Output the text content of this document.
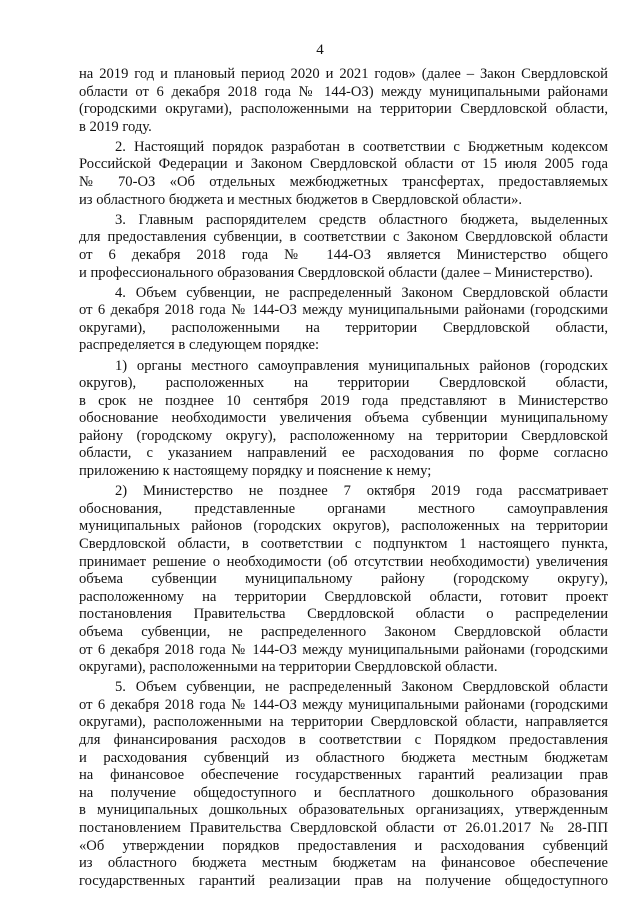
4
на 2019 год и плановый период 2020 и 2021 годов» (далее – Закон Свердловской
области от 6 декабря 2018 года № 144-ОЗ) между муниципальными районами
(городскими округами), расположенными на территории Свердловской области,
в 2019 году.
2. Настоящий порядок разработан в соответствии с Бюджетным кодексом
Российской Федерации и Законом Свердловской области от 15 июля 2005 года
№ 70-ОЗ «Об отдельных межбюджетных трансфертах, предоставляемых
из областного бюджета и местных бюджетов в Свердловской области».
3. Главным распорядителем средств областного бюджета, выделенных
для предоставления субвенции, в соответствии с Законом Свердловской области
от 6 декабря 2018 года № 144-ОЗ является Министерство общего
и профессионального образования Свердловской области (далее – Министерство).
4. Объем субвенции, не распределенный Законом Свердловской области
от 6 декабря 2018 года № 144-ОЗ между муниципальными районами (городскими
округами), расположенными на территории Свердловской области,
распределяется в следующем порядке:
1) органы местного самоуправления муниципальных районов (городских
округов), расположенных на территории Свердловской области,
в срок не позднее 10 сентября 2019 года представляют в Министерство
обоснование необходимости увеличения объема субвенции муниципальному
району (городскому округу), расположенному на территории Свердловской
области, с указанием направлений ее расходования по форме согласно
приложению к настоящему порядку и пояснение к нему;
2) Министерство не позднее 7 октября 2019 года рассматривает
обоснования, представленные органами местного самоуправления
муниципальных районов (городских округов), расположенных на территории
Свердловской области, в соответствии с подпунктом 1 настоящего пункта,
принимает решение о необходимости (об отсутствии необходимости) увеличения
объема субвенции муниципальному району (городскому округу),
расположенному на территории Свердловской области, готовит проект
постановления Правительства Свердловской области о распределении
объема субвенции, не распределенного Законом Свердловской области
от 6 декабря 2018 года № 144-ОЗ между муниципальными районами (городскими
округами), расположенными на территории Свердловской области.
5. Объем субвенции, не распределенный Законом Свердловской области
от 6 декабря 2018 года № 144-ОЗ между муниципальными районами (городскими
округами), расположенными на территории Свердловской области, направляется
для финансирования расходов в соответствии с Порядком предоставления
и расходования субвенций из областного бюджета местным бюджетам
на финансовое обеспечение государственных гарантий реализации прав
на получение общедоступного и бесплатного дошкольного образования
в муниципальных дошкольных образовательных организациях, утвержденным
постановлением Правительства Свердловской области от 26.01.2017 № 28-ПП
«Об утверждении порядков предоставления и расходования субвенций
из областного бюджета местным бюджетам на финансовое обеспечение
государственных гарантий реализации прав на получение общедоступного
